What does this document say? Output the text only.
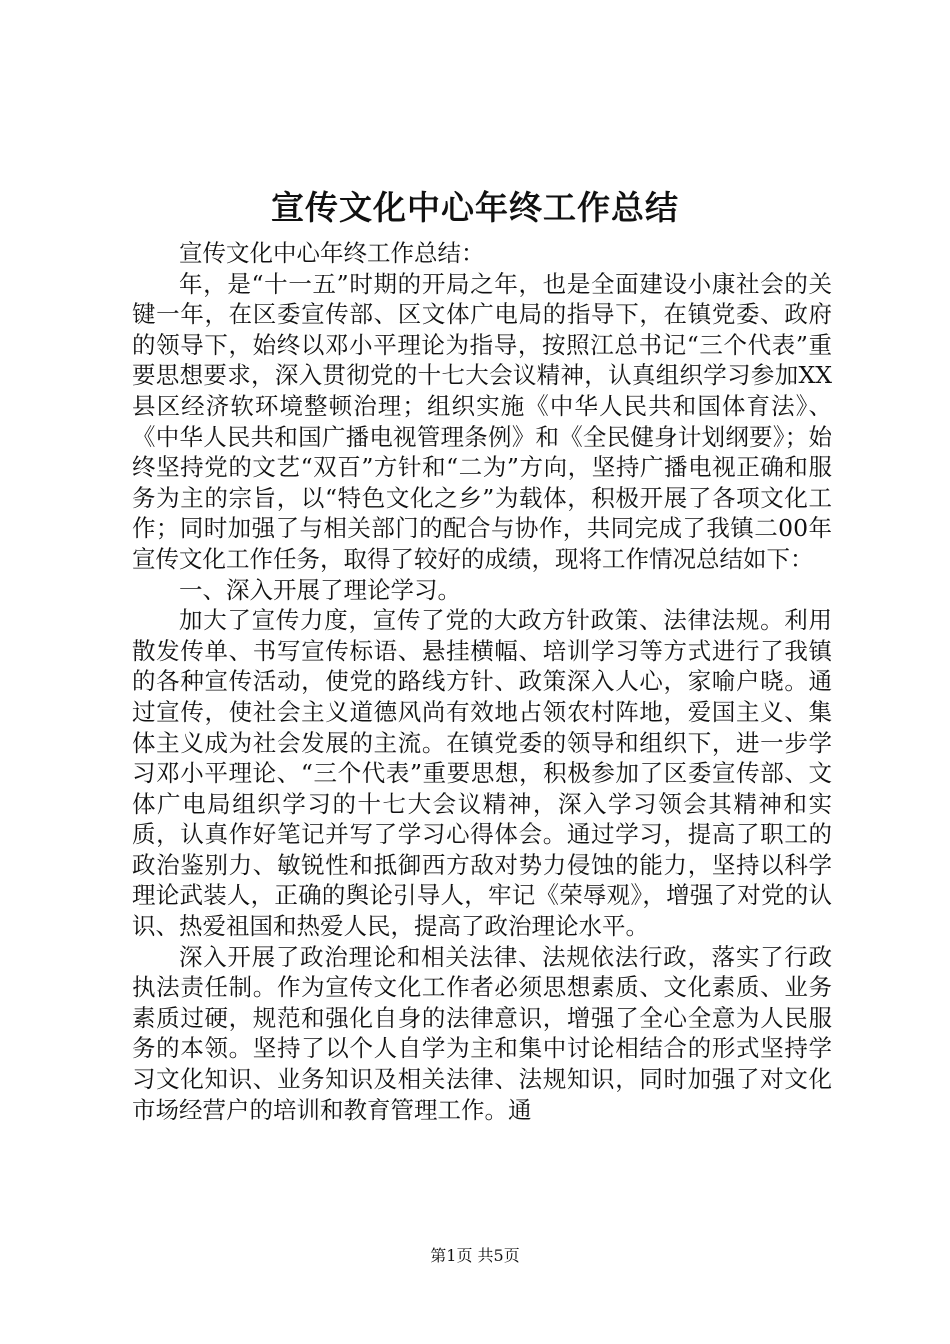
宣传文化中心年终工作总结

宣传文化中心年终工作总结：

年，是“十一五”时期的开局之年，也是全面建设小康社会的关键一年，在区委宣传部、区文体广电局的指导下，在镇党委、政府的领导下，始终以邓小平理论为指导，按照江总书记“三个代表”重要思想要求，深入贯彻党的十七大会议精神，认真组织学习参加XX县区经济软环境整顿治理；组织实施《中华人民共和国体育法》、《中华人民共和国广播电视管理条例》和《全民健身计划纲要》；始终坚持党的文艺“双百”方针和“二为”方向，坚持广播电视正确和服务为主的宗旨，以“特色文化之乡”为载体，积极开展了各项文化工作；同时加强了与相关部门的配合与协作，共同完成了我镇二00年宣传文化工作任务，取得了较好的成绩，现将工作情况总结如下：

一、深入开展了理论学习。

加大了宣传力度，宣传了党的大政方针政策、法律法规。利用散发传单、书写宣传标语、悬挂横幅、培训学习等方式进行了我镇的各种宣传活动，使党的路线方针、政策深入人心，家喻户晓。通过宣传，使社会主义道德风尚有效地占领农村阵地，爱国主义、集体主义成为社会发展的主流。在镇党委的领导和组织下，进一步学习邓小平理论、“三个代表”重要思想，积极参加了区委宣传部、文体广电局组织学习的十七大会议精神，深入学习领会其精神和实质，认真作好笔记并写了学习心得体会。通过学习，提高了职工的政治鉴别力、敏锐性和抵御西方敌对势力侵蚀的能力，坚持以科学理论武装人，正确的舆论引导人，牢记《荣辱观》，增强了对党的认识、热爱祖国和热爱人民，提高了政治理论水平。

深入开展了政治理论和相关法律、法规依法行政，落实了行政执法责任制。作为宣传文化工作者必须思想素质、文化素质、业务素质过硬，规范和强化自身的法律意识，增强了全心全意为人民服务的本领。坚持了以个人自学为主和集中讨论相结合的形式坚持学习文化知识、业务知识及相关法律、法规知识，同时加强了对文化市场经营户的培训和教育管理工作。通

第1页 共5页
